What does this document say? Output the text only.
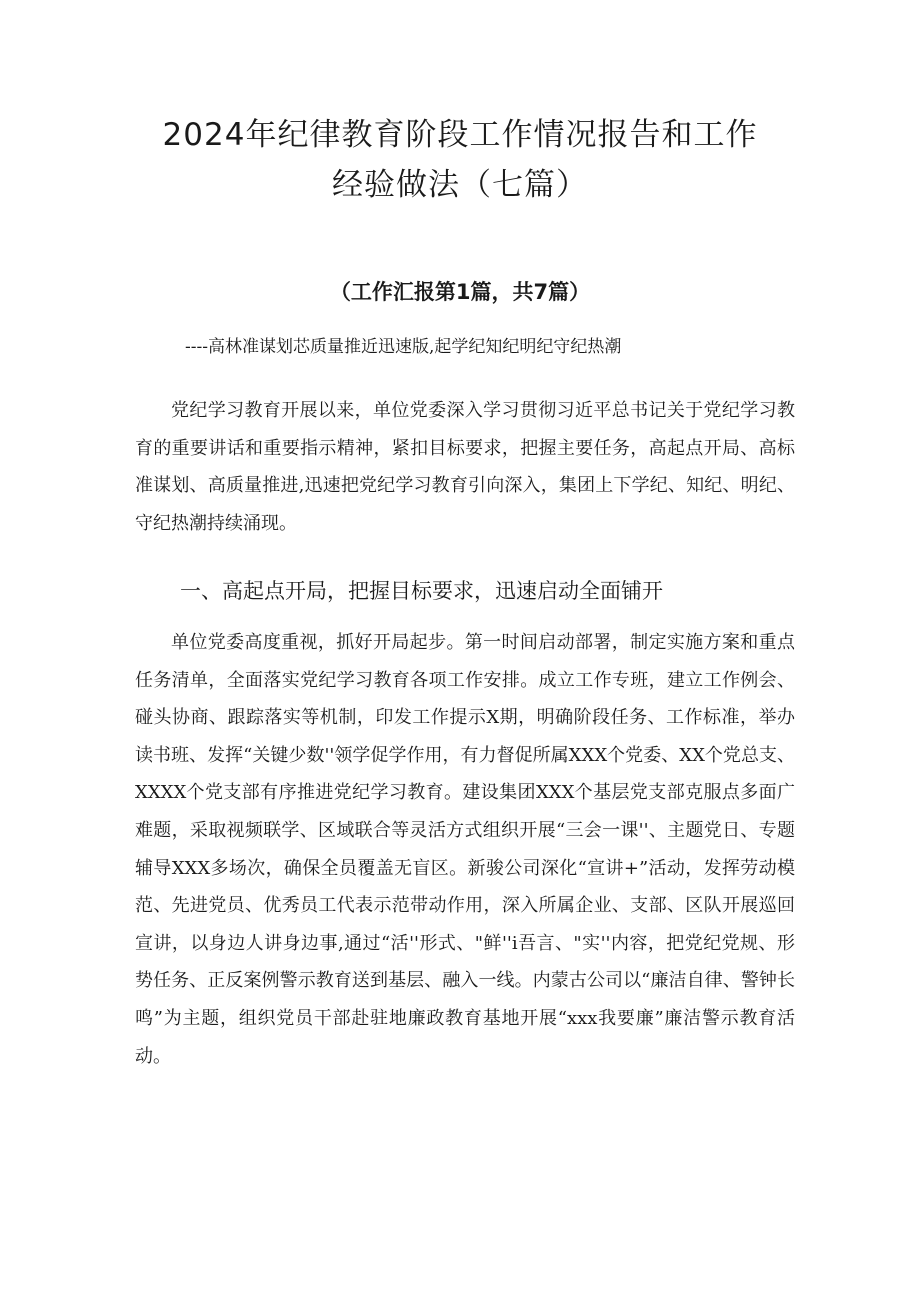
2024年纪律教育阶段工作情况报告和工作
经验做法（七篇）
（工作汇报第1篇，共7篇）

----高林准谋划芯质量推近迅速版,起学纪知纪明纪守纪热潮

党纪学习教育开展以来，单位党委深入学习贯彻习近平总书记关于党纪学习教育的重要讲话和重要指示精神，紧扣目标要求，把握主要任务，高起点开局、高标准谋划、高质量推进,迅速把党纪学习教育引向深入，集团上下学纪、知纪、明纪、守纪热潮持续涌现。

一、高起点开局，把握目标要求，迅速启动全面铺开

单位党委高度重视，抓好开局起步。第一时间启动部署，制定实施方案和重点任务清单，全面落实党纪学习教育各项工作安排。成立工作专班，建立工作例会、碰头协商、跟踪落实等机制，印发工作提示X期，明确阶段任务、工作标准，举办读书班、发挥“关键少数''领学促学作用，有力督促所属XXX个党委、XX个党总支、XXXX个党支部有序推进党纪学习教育。建设集团XXX个基层党支部克服点多面广难题，采取视频联学、区域联合等灵活方式组织开展“三会一课''、主题党日、专题辅导XXX多场次，确保全员覆盖无盲区。新骏公司深化“宣讲+”活动，发挥劳动模范、先进党员、优秀员工代表示范带动作用，深入所属企业、支部、区队开展巡回宣讲，以身边人讲身边事,通过“活''形式、"鲜''i吾言、"实''内容，把党纪党规、形势任务、正反案例警示教育送到基层、融入一线。内蒙古公司以“廉洁自律、警钟长鸣”为主题，组织党员干部赴驻地廉政教育基地开展“xxx我要廉”廉洁警示教育活动。
